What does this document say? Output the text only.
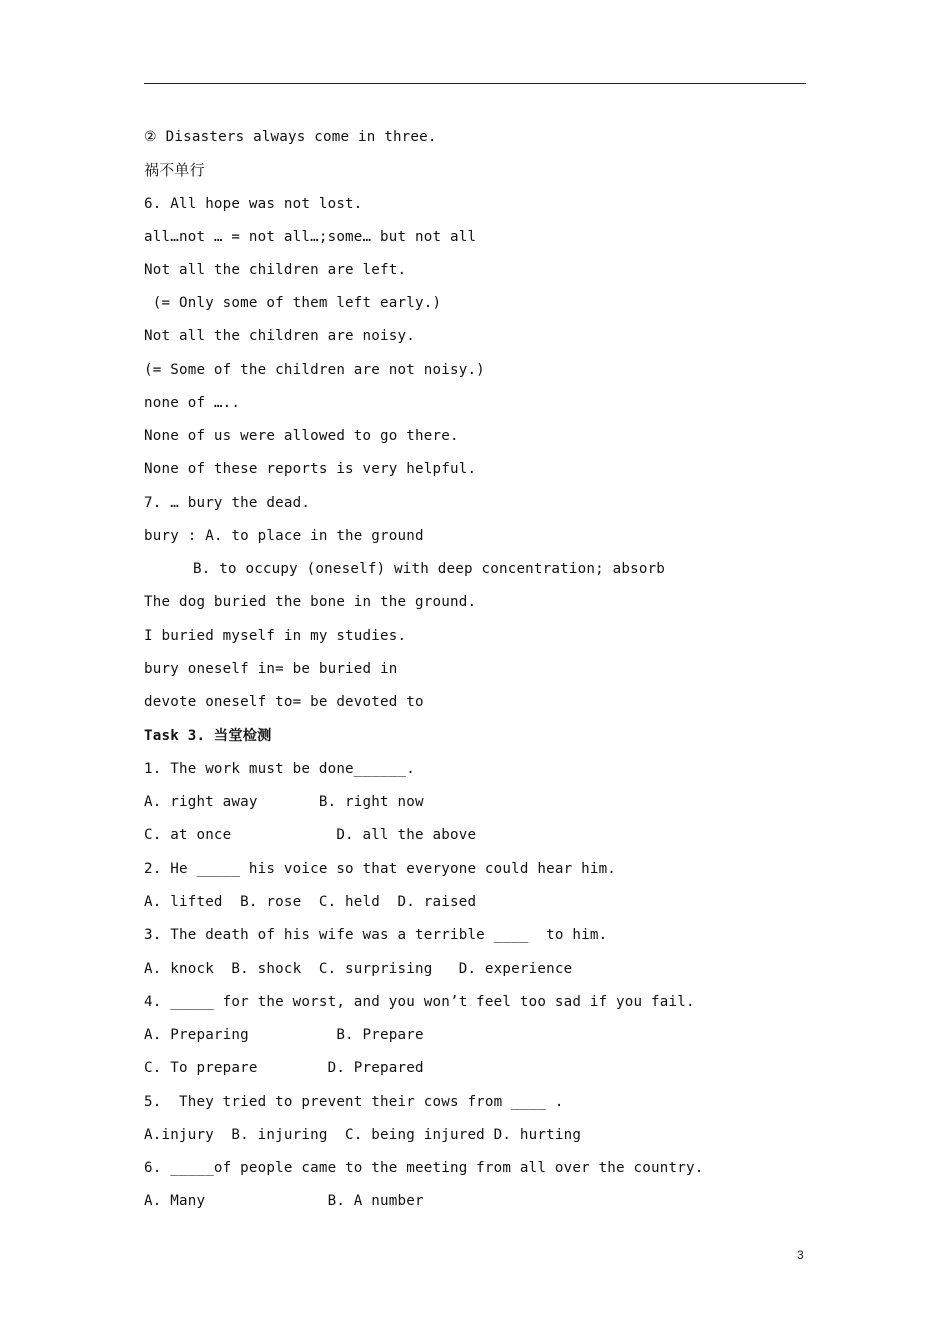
② Disasters always come in three.
祸不单行
6. All hope was not lost.
all…not … = not all…;some… but not all
Not all the children are left.
(= Only some of them left early.)
Not all the children are noisy.
(= Some of the children are not noisy.)
none of …..
None of us were allowed to go there.
None of these reports is very helpful.
7. … bury the dead.
bury : A. to place in the ground
B. to occupy (oneself) with deep concentration; absorb
The dog buried the bone in the ground.
I buried myself in my studies.
bury oneself in= be buried in
devote oneself to= be devoted to
Task 3. 当堂检测
1. The work must be done______.
A. right away       B. right now
C. at once            D. all the above
2. He _____ his voice so that everyone could hear him.
A. lifted  B. rose  C. held  D. raised
3. The death of his wife was a terrible ____  to him.
A. knock  B. shock  C. surprising   D. experience
4. _____ for the worst, and you won’t feel too sad if you fail.
A. Preparing          B. Prepare
C. To prepare        D. Prepared
5.  They tried to prevent their cows from ____ .
A.injury  B. injuring  C. being injured D. hurting
6. _____of people came to the meeting from all over the country.
A. Many              B. A number
3
